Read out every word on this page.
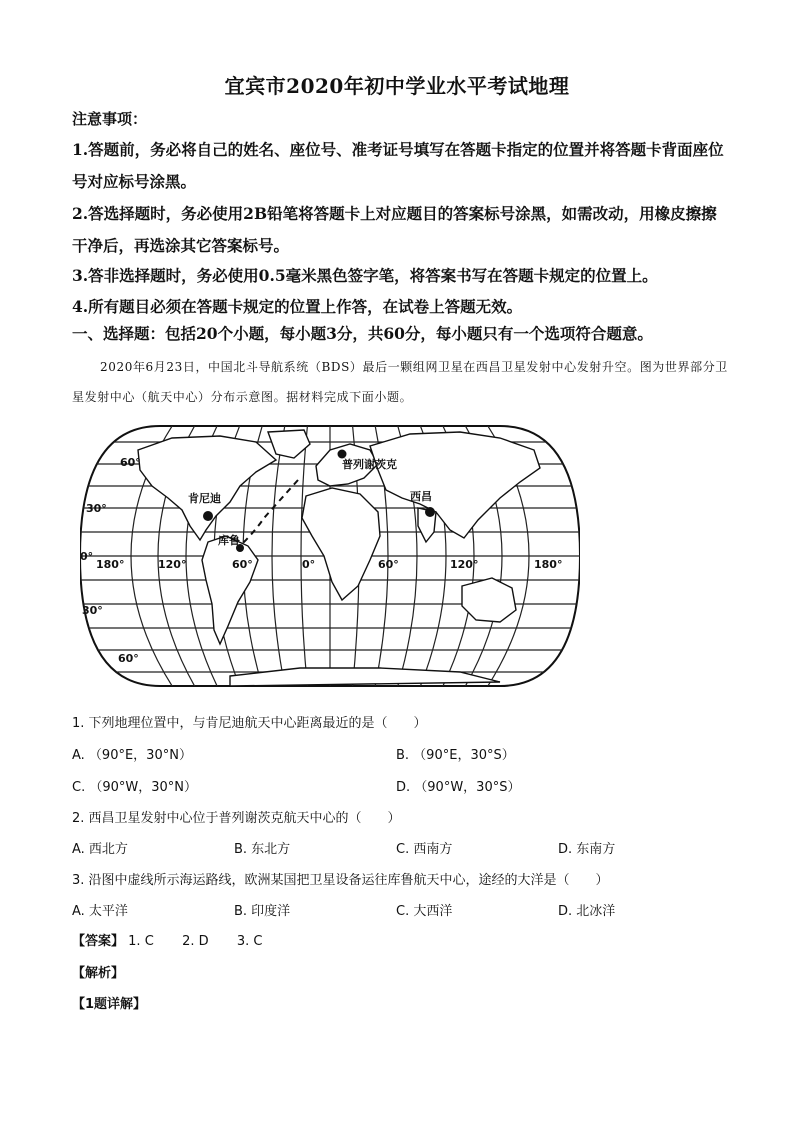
宜宾市2020年初中学业水平考试地理
注意事项：
1.答题前，务必将自己的姓名、座位号、准考证号填写在答题卡指定的位置并将答题卡背面座位号对应标号涂黑。
2.答选择题时，务必使用2B铅笔将答题卡上对应题目的答案标号涂黑，如需改动，用橡皮擦擦干净后，再选涂其它答案标号。
3.答非选择题时，务必使用0.5毫米黑色签字笔，将答案书写在答题卡规定的位置上。
4.所有题目必须在答题卡规定的位置上作答，在试卷上答题无效。
一、选择题：包括20个小题，每小题3分，共60分，每小题只有一个选项符合题意。
2020年6月23日，中国北斗导航系统（BDS）最后一颗组网卫星在西昌卫星发射中心发射升空。图为世界部分卫星发射中心（航天中心）分布示意图。据材料完成下面小题。
肯尼迪
库鲁
普列谢茨克
西昌
60°
30°
0°
30°
60°
180°	120°	60°	0°	60°	120°	180°
1. 下列地理位置中，与肯尼迪航天中心距离最近的是（　　）
A. （90°E，30°N）	B. （90°E，30°S）
C. （90°W，30°N）	D. （90°W，30°S）
2. 西昌卫星发射中心位于普列谢茨克航天中心的（　　）
A. 西北方	B. 东北方	C. 西南方	D. 东南方
3. 沿图中虚线所示海运路线，欧洲某国把卫星设备运往库鲁航天中心，途经的大洋是（　　）
A. 太平洋	B. 印度洋	C. 大西洋	D. 北冰洋
【答案】 1. C 2. D 3. C
【解析】
【1题详解】
